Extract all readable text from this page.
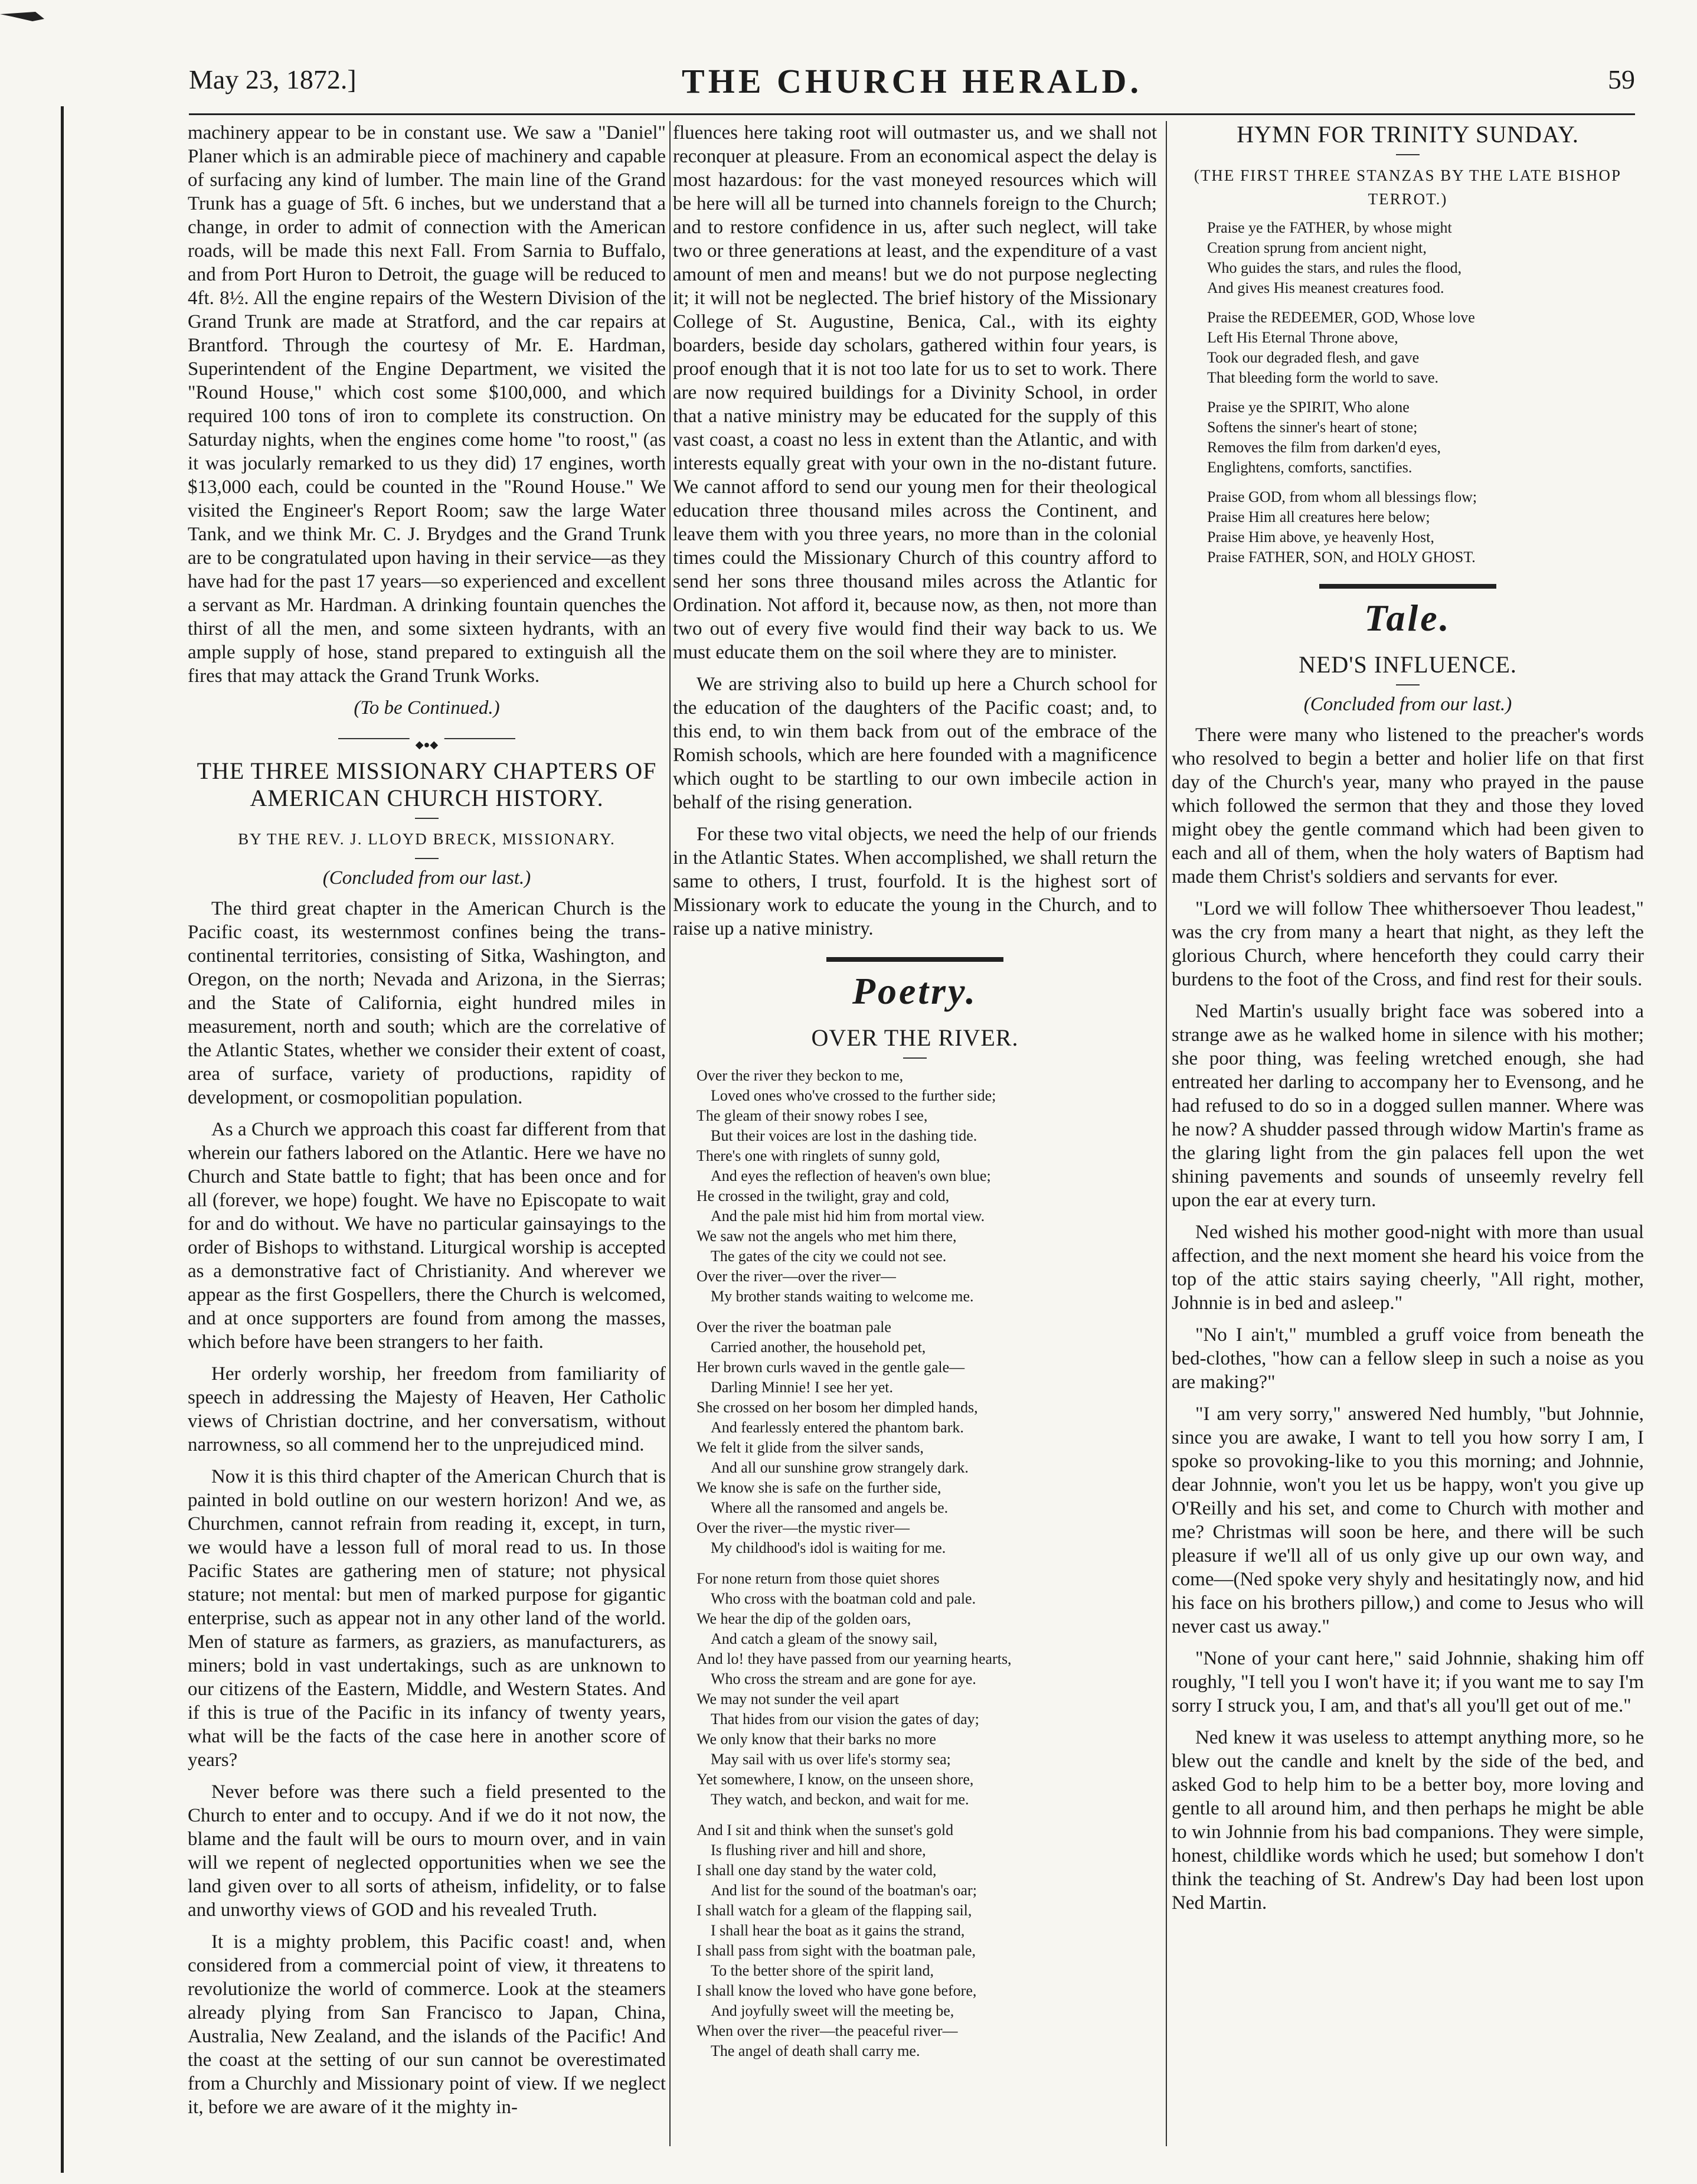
May 23, 1872.]	THE CHURCH HERALD.	59

machinery appear to be in constant use. We saw a "Daniel" Planer which is an admirable piece of machinery and capable of surfacing any kind of lumber. The main line of the Grand Trunk has a guage of 5ft. 6 inches, but we understand that a change, in order to admit of connection with the American roads, will be made this next Fall. From Sarnia to Buffalo, and from Port Huron to Detroit, the guage will be reduced to 4ft. 8½. All the engine repairs of the Western Division of the Grand Trunk are made at Stratford, and the car repairs at Brantford. Through the courtesy of Mr. E. Hardman, Superintendent of the Engine Department, we visited the "Round House," which cost some $100,000, and which required 100 tons of iron to complete its construction. On Saturday nights, when the engines come home "to roost," (as it was jocularly remarked to us they did) 17 engines, worth $13,000 each, could be counted in the "Round House." We visited the Engineer's Report Room; saw the large Water Tank, and we think Mr. C. J. Brydges and the Grand Trunk are to be congratulated upon having in their service—as they have had for the past 17 years—so experienced and excellent a servant as Mr. Hardman. A drinking fountain quenches the thirst of all the men, and some sixteen hydrants, with an ample supply of hose, stand prepared to extinguish all the fires that may attack the Grand Trunk Works.

(To be Continued.)
◆●◆
THE THREE MISSIONARY CHAPTERS OF AMERICAN CHURCH HISTORY.
BY THE REV. J. LLOYD BRECK, MISSIONARY.
(Concluded from our last.)

The third great chapter in the American Church is the Pacific coast, its westernmost confines being the trans-continental territories, consisting of Sitka, Washington, and Oregon, on the north; Nevada and Arizona, in the Sierras; and the State of California, eight hundred miles in measurement, north and south; which are the correlative of the Atlantic States, whether we consider their extent of coast, area of surface, variety of productions, rapidity of development, or cosmopolitian population.

As a Church we approach this coast far different from that wherein our fathers labored on the Atlantic. Here we have no Church and State battle to fight; that has been once and for all (forever, we hope) fought. We have no Episcopate to wait for and do without. We have no particular gainsayings to the order of Bishops to withstand. Liturgical worship is accepted as a demonstrative fact of Christianity. And wherever we appear as the first Gospellers, there the Church is welcomed, and at once supporters are found from among the masses, which before have been strangers to her faith.

Her orderly worship, her freedom from familiarity of speech in addressing the Majesty of Heaven, Her Catholic views of Christian doctrine, and her conversatism, without narrowness, so all commend her to the unprejudiced mind.

Now it is this third chapter of the American Church that is painted in bold outline on our western horizon! And we, as Churchmen, cannot refrain from reading it, except, in turn, we would have a lesson full of moral read to us. In those Pacific States are gathering men of stature; not physical stature; not mental: but men of marked purpose for gigantic enterprise, such as appear not in any other land of the world. Men of stature as farmers, as graziers, as manufacturers, as miners; bold in vast undertakings, such as are unknown to our citizens of the Eastern, Middle, and Western States. And if this is true of the Pacific in its infancy of twenty years, what will be the facts of the case here in another score of years?

Never before was there such a field presented to the Church to enter and to occupy. And if we do it not now, the blame and the fault will be ours to mourn over, and in vain will we repent of neglected opportunities when we see the land given over to all sorts of atheism, infidelity, or to false and unworthy views of GOD and his revealed Truth.

It is a mighty problem, this Pacific coast! and, when considered from a commercial point of view, it threatens to revolutionize the world of commerce. Look at the steamers already plying from San Francisco to Japan, China, Australia, New Zealand, and the islands of the Pacific! And the coast at the setting of our sun cannot be overestimated from a Churchly and Missionary point of view. If we neglect it, before we are aware of it the mighty in-

fluences here taking root will outmaster us, and we shall not reconquer at pleasure. From an economical aspect the delay is most hazardous: for the vast moneyed resources which will be here will all be turned into channels foreign to the Church; and to restore confidence in us, after such neglect, will take two or three generations at least, and the expenditure of a vast amount of men and means! but we do not purpose neglecting it; it will not be neglected. The brief history of the Missionary College of St. Augustine, Benica, Cal., with its eighty boarders, beside day scholars, gathered within four years, is proof enough that it is not too late for us to set to work. There are now required buildings for a Divinity School, in order that a native ministry may be educated for the supply of this vast coast, a coast no less in extent than the Atlantic, and with interests equally great with your own in the no-distant future. We cannot afford to send our young men for their theological education three thousand miles across the Continent, and leave them with you three years, no more than in the colonial times could the Missionary Church of this country afford to send her sons three thousand miles across the Atlantic for Ordination. Not afford it, because now, as then, not more than two out of every five would find their way back to us. We must educate them on the soil where they are to minister.

We are striving also to build up here a Church school for the education of the daughters of the Pacific coast; and, to this end, to win them back from out of the embrace of the Romish schools, which are here founded with a magnificence which ought to be startling to our own imbecile action in behalf of the rising generation.

For these two vital objects, we need the help of our friends in the Atlantic States. When accomplished, we shall return the same to others, I trust, fourfold. It is the highest sort of Missionary work to educate the young in the Church, and to raise up a native ministry.

Poetry.
OVER THE RIVER.
Over the river they beckon to me,
Loved ones who've crossed to the further side;
The gleam of their snowy robes I see,
But their voices are lost in the dashing tide.
There's one with ringlets of sunny gold,
And eyes the reflection of heaven's own blue;
He crossed in the twilight, gray and cold,
And the pale mist hid him from mortal view.
We saw not the angels who met him there,
The gates of the city we could not see.
Over the river—over the river—
My brother stands waiting to welcome me.
Over the river the boatman pale
Carried another, the household pet,
Her brown curls waved in the gentle gale—
Darling Minnie! I see her yet.
She crossed on her bosom her dimpled hands,
And fearlessly entered the phantom bark.
We felt it glide from the silver sands,
And all our sunshine grow strangely dark.
We know she is safe on the further side,
Where all the ransomed and angels be.
Over the river—the mystic river—
My childhood's idol is waiting for me.
For none return from those quiet shores
Who cross with the boatman cold and pale.
We hear the dip of the golden oars,
And catch a gleam of the snowy sail,
And lo! they have passed from our yearning hearts,
Who cross the stream and are gone for aye.
We may not sunder the veil apart
That hides from our vision the gates of day;
We only know that their barks no more
May sail with us over life's stormy sea;
Yet somewhere, I know, on the unseen shore,
They watch, and beckon, and wait for me.
And I sit and think when the sunset's gold
Is flushing river and hill and shore,
I shall one day stand by the water cold,
And list for the sound of the boatman's oar;
I shall watch for a gleam of the flapping sail,
I shall hear the boat as it gains the strand,
I shall pass from sight with the boatman pale,
To the better shore of the spirit land,
I shall know the loved who have gone before,
And joyfully sweet will the meeting be,
When over the river—the peaceful river—
The angel of death shall carry me.
HYMN FOR TRINITY SUNDAY.
(THE FIRST THREE STANZAS BY THE LATE BISHOP TERROT.)
Praise ye the FATHER, by whose might
Creation sprung from ancient night,
Who guides the stars, and rules the flood,
And gives His meanest creatures food.
Praise the REDEEMER, GOD, Whose love
Left His Eternal Throne above,
Took our degraded flesh, and gave
That bleeding form the world to save.
Praise ye the SPIRIT, Who alone
Softens the sinner's heart of stone;
Removes the film from darken'd eyes,
Englightens, comforts, sanctifies.
Praise GOD, from whom all blessings flow;
Praise Him all creatures here below;
Praise Him above, ye heavenly Host,
Praise FATHER, SON, and HOLY GHOST.
Tale.
NED'S INFLUENCE.
(Concluded from our last.)

There were many who listened to the preacher's words who resolved to begin a better and holier life on that first day of the Church's year, many who prayed in the pause which followed the sermon that they and those they loved might obey the gentle command which had been given to each and all of them, when the holy waters of Baptism had made them Christ's soldiers and servants for ever.

"Lord we will follow Thee whithersoever Thou leadest," was the cry from many a heart that night, as they left the glorious Church, where henceforth they could carry their burdens to the foot of the Cross, and find rest for their souls.

Ned Martin's usually bright face was sobered into a strange awe as he walked home in silence with his mother; she poor thing, was feeling wretched enough, she had entreated her darling to accompany her to Evensong, and he had refused to do so in a dogged sullen manner. Where was he now? A shudder passed through widow Martin's frame as the glaring light from the gin palaces fell upon the wet shining pavements and sounds of unseemly revelry fell upon the ear at every turn.

Ned wished his mother good-night with more than usual affection, and the next moment she heard his voice from the top of the attic stairs saying cheerly, "All right, mother, Johnnie is in bed and asleep."

"No I ain't," mumbled a gruff voice from beneath the bed-clothes, "how can a fellow sleep in such a noise as you are making?"

"I am very sorry," answered Ned humbly, "but Johnnie, since you are awake, I want to tell you how sorry I am, I spoke so provoking-like to you this morning; and Johnnie, dear Johnnie, won't you let us be happy, won't you give up O'Reilly and his set, and come to Church with mother and me? Christmas will soon be here, and there will be such pleasure if we'll all of us only give up our own way, and come—(Ned spoke very shyly and hesitatingly now, and hid his face on his brothers pillow,) and come to Jesus who will never cast us away."

"None of your cant here," said Johnnie, shaking him off roughly, "I tell you I won't have it; if you want me to say I'm sorry I struck you, I am, and that's all you'll get out of me."

Ned knew it was useless to attempt anything more, so he blew out the candle and knelt by the side of the bed, and asked God to help him to be a better boy, more loving and gentle to all around him, and then perhaps he might be able to win Johnnie from his bad companions. They were simple, honest, childlike words which he used; but somehow I don't think the teaching of St. Andrew's Day had been lost upon Ned Martin.
